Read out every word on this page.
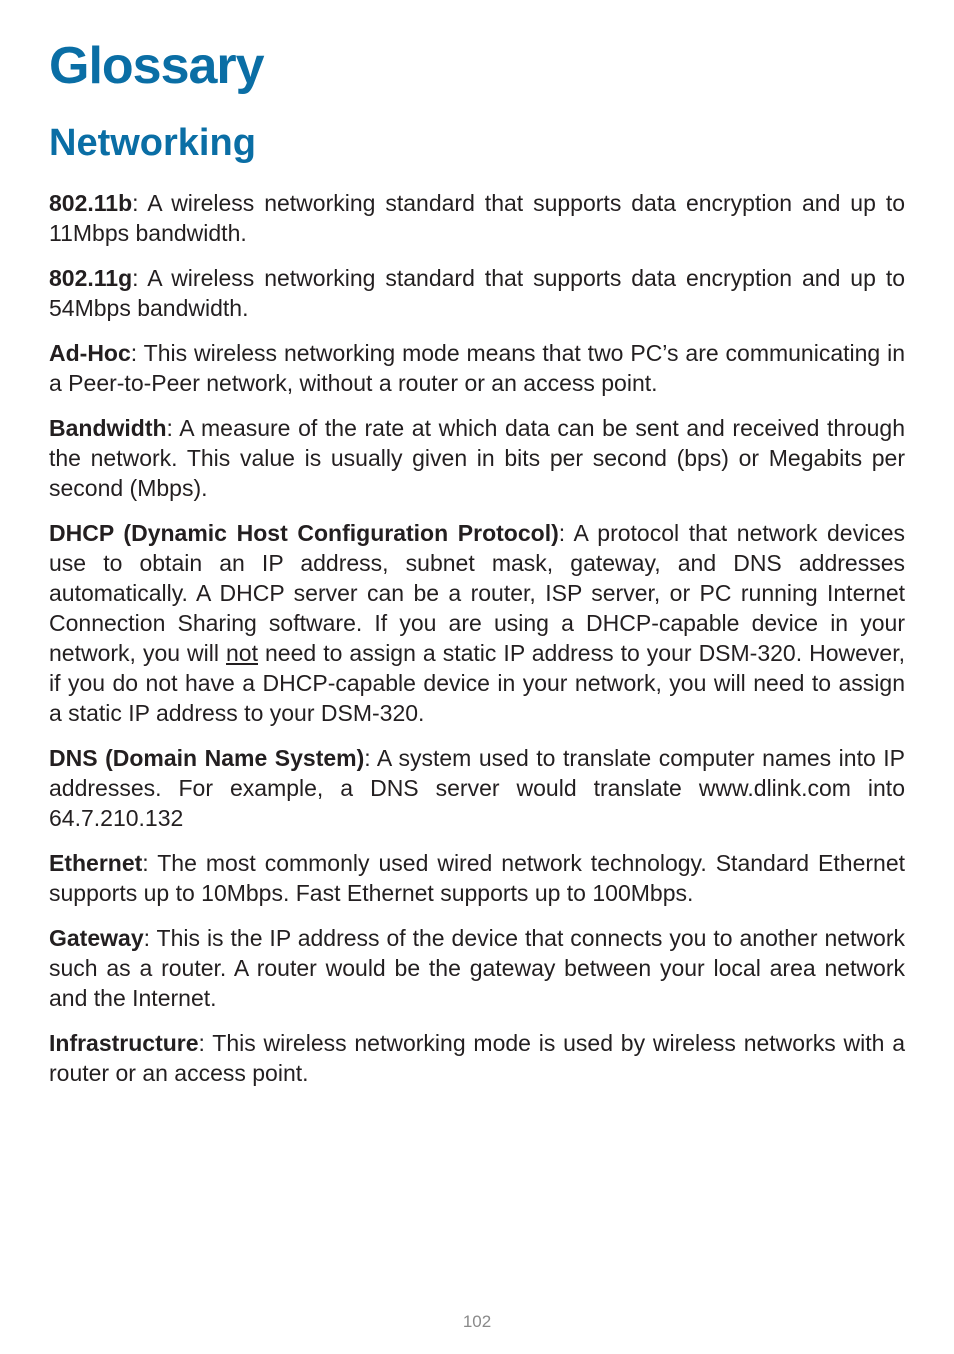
Glossary
Networking

802.11b: A wireless networking standard that supports data encryption and up to 11Mbps bandwidth.

802.11g: A wireless networking standard that supports data encryption and up to 54Mbps bandwidth.

Ad-Hoc: This wireless networking mode means that two PC’s are communicating in a Peer-to-Peer network, without a router or an access point.

Bandwidth: A measure of the rate at which data can be sent and received through the network. This value is usually given in bits per second (bps) or Megabits per second (Mbps).

DHCP (Dynamic Host Configuration Protocol): A protocol that network devices use to obtain an IP address, subnet mask, gateway, and DNS addresses automatically. A DHCP server can be a router, ISP server, or PC running Internet Connection Sharing software. If you are using a DHCP-capable device in your network, you will not need to assign a static IP address to your DSM-320. However, if you do not have a DHCP-capable device in your network, you will need to assign a static IP address to your DSM-320.

DNS (Domain Name System): A system used to translate computer names into IP addresses. For example, a DNS server would translate www.dlink.com into 64.7.210.132

Ethernet: The most commonly used wired network technology. Standard Ethernet supports up to 10Mbps. Fast Ethernet supports up to 100Mbps.

Gateway: This is the IP address of the device that connects you to another network such as a router. A router would be the gateway between your local area network and the Internet.

Infrastructure: This wireless networking mode is used by wireless networks with a router or an access point.

102
